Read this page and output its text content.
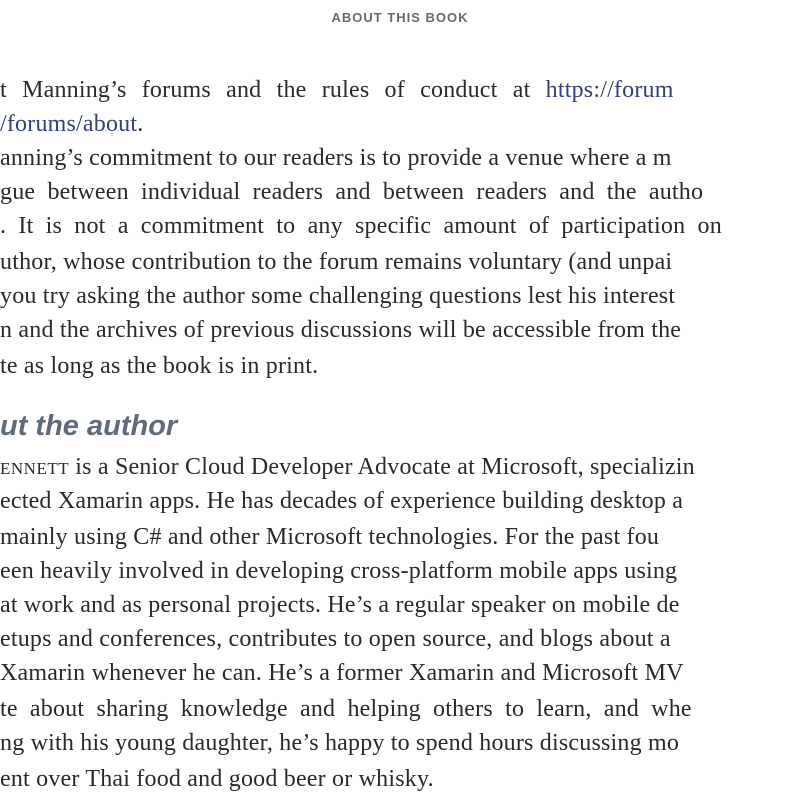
ABOUT THIS BOOK
t Manning’s forums and the rules of conduct at https://forum
/forums/about.
anning’s commitment to our readers is to provide a venue where a m
gue between individual readers and between readers and the autho
. It is not a commitment to any specific amount of participation on
uthor, whose contribution to the forum remains voluntary (and unpai
you try asking the author some challenging questions lest his interest
n and the archives of previous discussions will be accessible from the
te as long as the book is in print.
ut the author
ENNETT is a Senior Cloud Developer Advocate at Microsoft, specializin
ected Xamarin apps. He has decades of experience building desktop a
mainly using C# and other Microsoft technologies. For the past fou
een heavily involved in developing cross-platform mobile apps using
at work and as personal projects. He’s a regular speaker on mobile de
etups and conferences, contributes to open source, and blogs about a
Xamarin whenever he can. He’s a former Xamarin and Microsoft MV
te about sharing knowledge and helping others to learn, and whe
ng with his young daughter, he’s happy to spend hours discussing mo
ent over Thai food and good beer or whisky.
